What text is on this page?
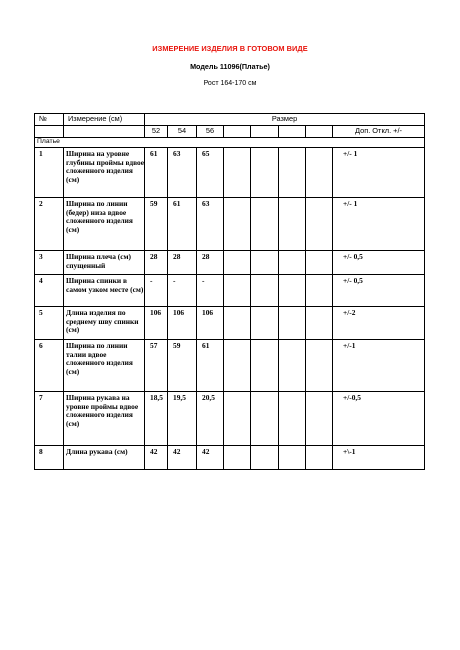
ИЗМЕРЕНИЕ ИЗДЕЛИЯ В ГОТОВОМ ВИДЕ
Модель 11096(Платье)
Рост 164-170 см
№	Измерение (см)	Размер							
		52	54	56					Доп. Откл. +/-
Платье									
1	Ширина на уровне глубины проймы вдвое сложенного изделия (см)	61	63	65					+/- 1
2	Ширина по линии (бедер) низа вдвое сложенного изделия (см)	59	61	63					+/- 1
3	Ширина плеча (см) спущенный	28	28	28					+/- 0,5
4	Ширина спинки в самом узком месте (см)	-	-	-					+/- 0,5
5	Длина изделия по среднему шву спинки (см)	106	106	106					+/-2
6	Ширина по линии талии вдвое сложенного изделия (см)	57	59	61					+/-1
7	Ширина рукава на уровне проймы вдвое сложенного изделия (см)	18,5	19,5	20,5					+/-0,5
8	Длина рукава (см)	42	42	42					+\-1
